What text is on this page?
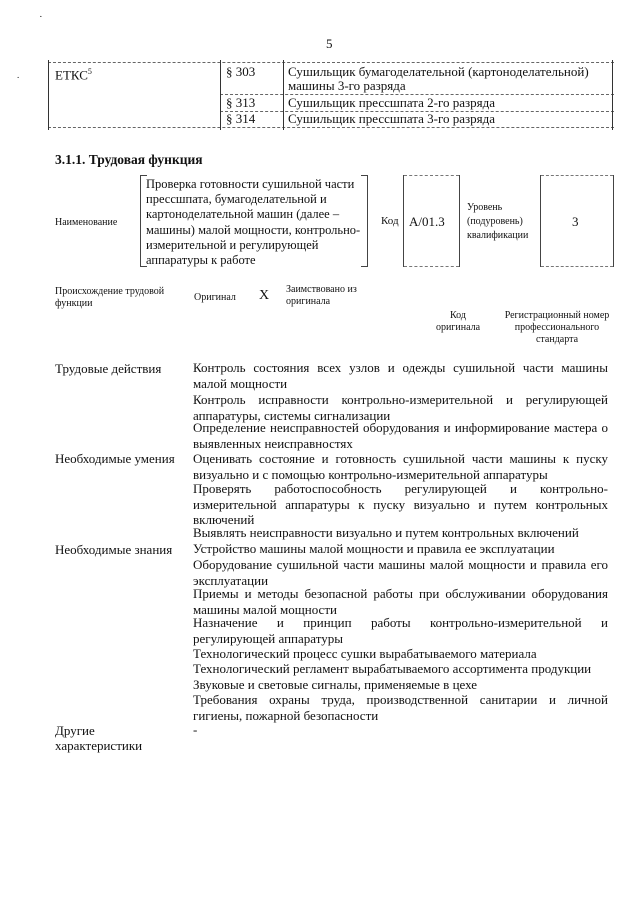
˙
.
5
ЕТКС$^5$	§ 303	Сушильщик бумагоделательной (картоноделательной) машины 3-го разряда
§ 313	Сушильщик прессшпата 2-го разряда
§ 314	Сушильщик прессшпата 3-го разряда
3.1.1. Трудовая функция
Наименование
Проверка готовности сушильной части прессшпата, бумагоделательной и картоноделательной машин (далее – машины) малой мощности, контрольно- измерительной и регулирующей аппаратуры к работе
Код A/01.3
Уровень (подуровень) квалификации
3
Происхождение трудовой функции
Оригинал X Заимствовано из оригинала
Код оригинала
Регистрационный номер профессионального стандарта
Трудовые действия Контроль состояния всех узлов и одежды сушильной части машины малой мощности
Контроль исправности контрольно-измерительной и регулирующей аппаратуры, системы сигнализации
Определение неисправностей оборудования и информирование мастера о выявленных неисправностях
Необходимые умения Оценивать состояние и готовность сушильной части машины к пуску визуально и с помощью контрольно-измерительной аппаратуры
Проверять работоспособность регулирующей и контрольно-измерительной аппаратуры к пуску визуально и путем контрольных включений
Выявлять неисправности визуально и путем контрольных включений
Необходимые знания Устройство машины малой мощности и правила ее эксплуатации
Оборудование сушильной части машины малой мощности и правила его эксплуатации
Приемы и методы безопасной работы при обслуживании оборудования машины малой мощности
Назначение и принцип работы контрольно-измерительной и регулирующей аппаратуры
Технологический процесс сушки вырабатываемого материала
Технологический регламент вырабатываемого ассортимента продукции
Звуковые и световые сигналы, применяемые в цехе
Требования охраны труда, производственной санитарии и личной гигиены, пожарной безопасности
Другие характеристики
-
